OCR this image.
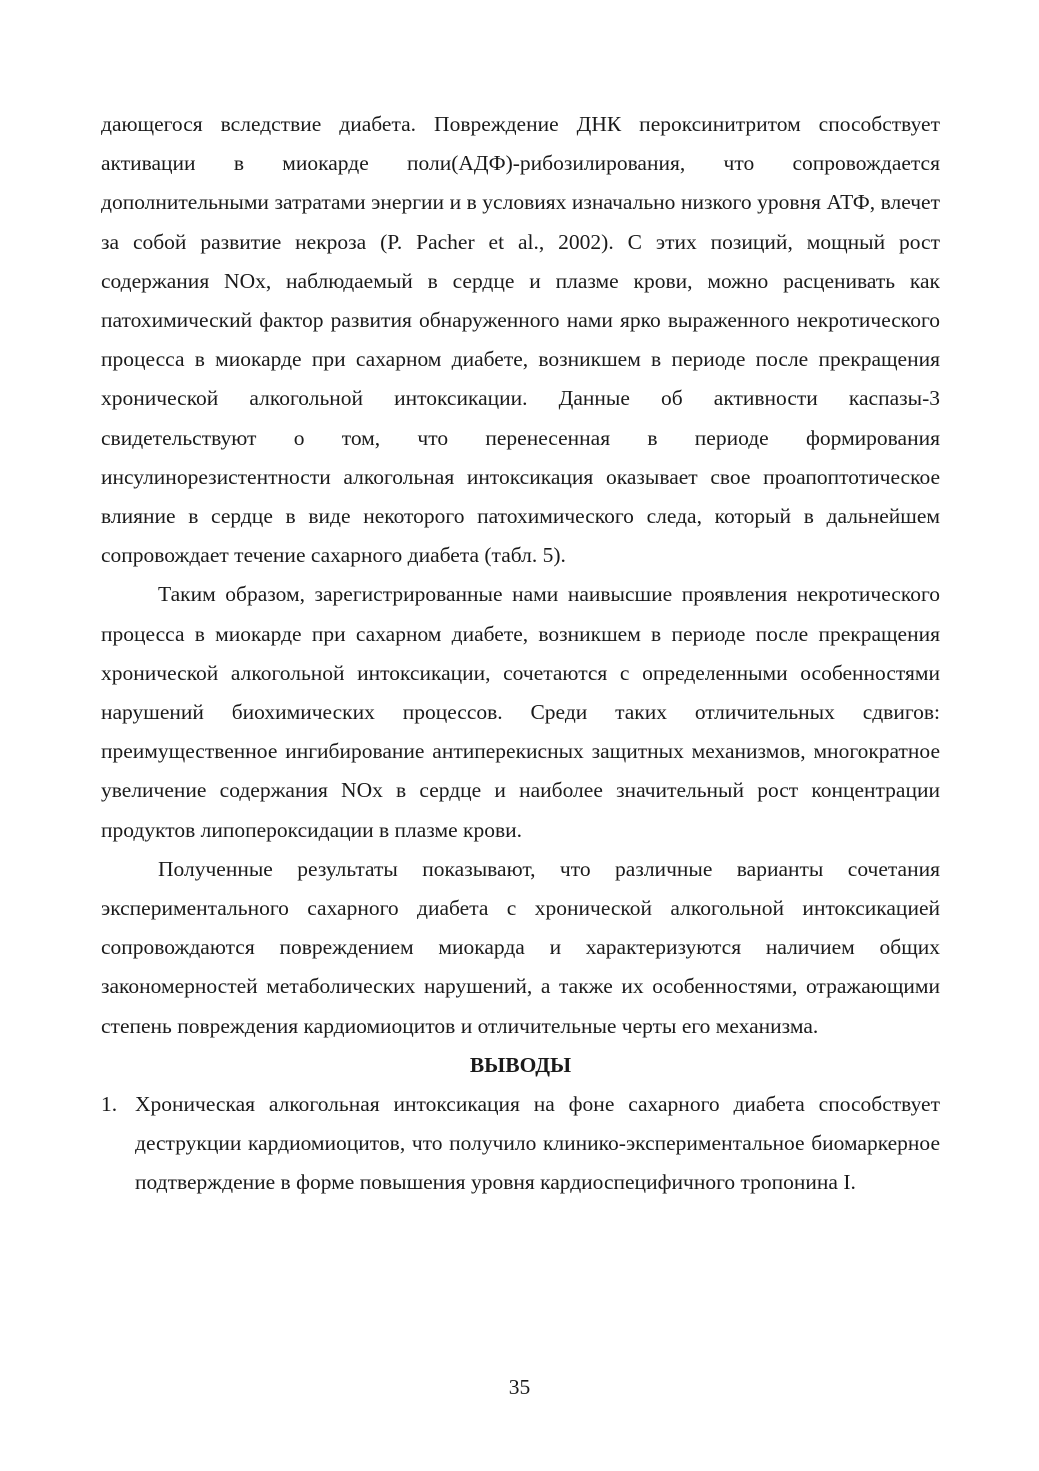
дающегося вследствие диабета. Повреждение ДНК пероксинитритом способствует активации в миокарде поли(АДФ)-рибозилирования, что сопровождается дополнительными затратами энергии и в условиях изначально низкого уровня АТФ, влечет за собой развитие некроза (P. Pacher et al., 2002). С этих позиций, мощный рост содержания NOx, наблюдаемый в сердце и плазме крови, можно расценивать как патохимический фактор развития обнаруженного нами ярко выраженного некротического процесса в миокарде при сахарном диабете, возникшем в периоде после прекращения хронической алкогольной интоксикации. Данные об активности каспазы-3 свидетельствуют о том, что перенесенная в периоде формирования инсулинорезистентности алкогольная интоксикация оказывает свое проапоптотическое влияние в сердце в виде некоторого патохимического следа, который в дальнейшем сопровождает течение сахарного диабета (табл. 5).

Таким образом, зарегистрированные нами наивысшие проявления некротического процесса в миокарде при сахарном диабете, возникшем в периоде после прекращения хронической алкогольной интоксикации, сочетаются с определенными особенностями нарушений биохимических процессов. Среди таких отличительных сдвигов: преимущественное ингибирование антиперекисных защитных механизмов, многократное увеличение содержания NOx в сердце и наиболее значительный рост концентрации продуктов липопероксидации в плазме крови.

Полученные результаты показывают, что различные варианты сочетания экспериментального сахарного диабета с хронической алкогольной интоксикацией сопровождаются повреждением миокарда и характеризуются наличием общих закономерностей метаболических нарушений, а также их особенностями, отражающими степень повреждения кардиомиоцитов и отличительные черты его механизма.

ВЫВОДЫ
1. Хроническая алкогольная интоксикация на фоне сахарного диабета способствует деструкции кардиомиоцитов, что получило клинико-экспериментальное биомаркерное подтверждение в форме повышения уровня кардиоспецифичного тропонина I.
35
